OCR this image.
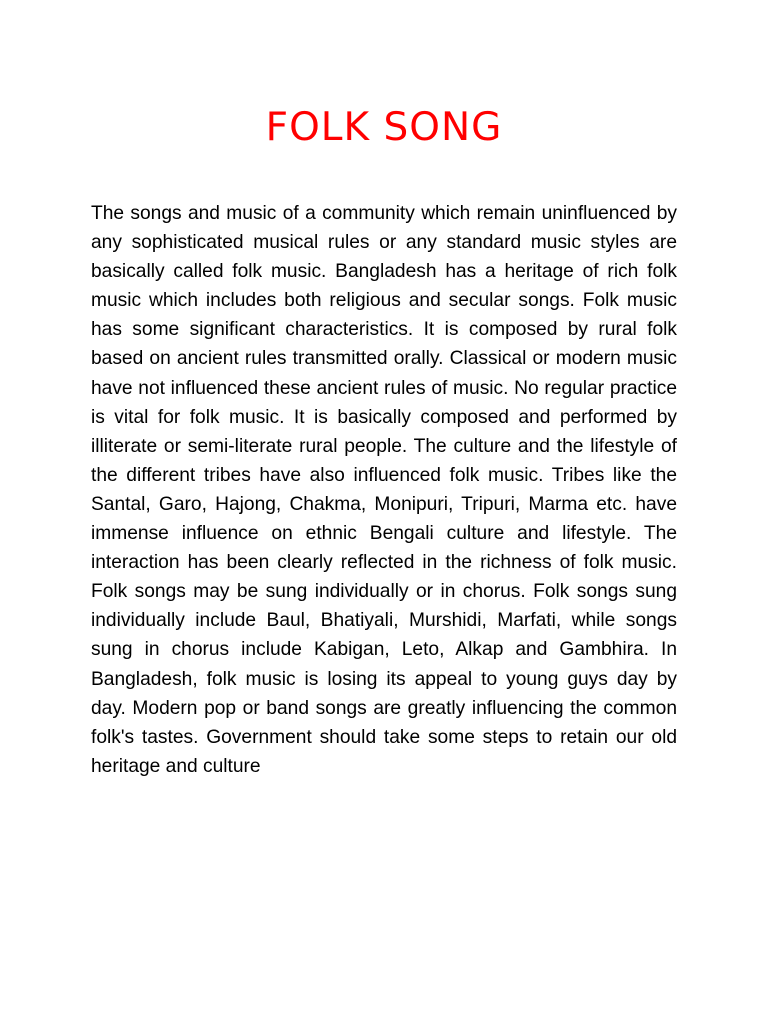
FOLK SONG

The songs and music of a community which remain uninfluenced by any sophisticated musical rules or any standard music styles are basically called folk music. Bangladesh has a heritage of rich folk music which includes both religious and secular songs. Folk music has some significant characteristics. It is composed by rural folk based on ancient rules transmitted orally. Classical or modern music have not influenced these ancient rules of music. No regular practice is vital for folk music. It is basically composed and performed by illiterate or semi-literate rural people. The culture and the lifestyle of the different tribes have also influenced folk music. Tribes like the Santal, Garo, Hajong, Chakma, Monipuri, Tripuri, Marma etc. have immense influence on ethnic Bengali culture and lifestyle. The interaction has been clearly reflected in the richness of folk music. Folk songs may be sung individually or in chorus. Folk songs sung individually include Baul, Bhatiyali, Murshidi, Marfati, while songs sung in chorus include Kabigan, Leto, Alkap and Gambhira. In Bangladesh, folk music is losing its appeal to young guys day by day. Modern pop or band songs are greatly influencing the common folk's tastes. Government should take some steps to retain our old heritage and culture
